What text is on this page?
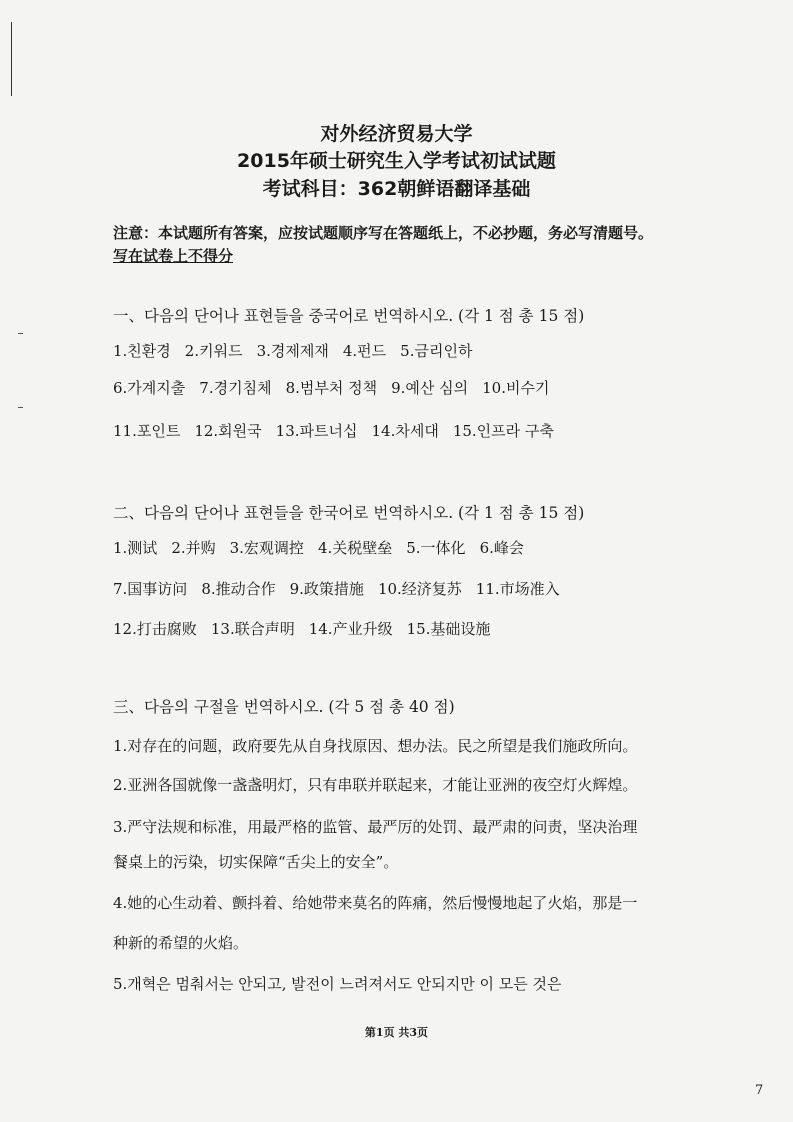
对外经济贸易大学
2015年硕士研究生入学考试初试试题
考试科目：362朝鲜语翻译基础
注意：本试题所有答案，应按试题顺序写在答题纸上，不必抄题，务必写清题号。
写在试卷上不得分
一、다음의 단어나 표현들을 중국어로 번역하시오. (각 1 점 총 15 점)
1.친환경 2.키워드 3.경제제재 4.펀드 5.금리인하
6.가계지출 7.경기침체 8.범부처 정책 9.예산 심의 10.비수기
11.포인트 12.회원국 13.파트너십 14.차세대 15.인프라 구축
二、다음의 단어나 표현들을 한국어로 번역하시오. (각 1 점 총 15 점)
1.测试 2.并购 3.宏观调控 4.关税壁垒 5.一体化 6.峰会
7.国事访问 8.推动合作 9.政策措施 10.经济复苏 11.市场准入
12.打击腐败 13.联合声明 14.产业升级 15.基础设施
三、다음의 구절을 번역하시오. (각 5 점 총 40 점)
1.对存在的问题，政府要先从自身找原因、想办法。民之所望是我们施政所向。
2.亚洲各国就像一盏盏明灯，只有串联并联起来，才能让亚洲的夜空灯火辉煌。
3.严守法规和标准，用最严格的监管、最严厉的处罚、最严肃的问责，坚决治理
餐桌上的污染，切实保障“舌尖上的安全”。
4.她的心生动着、颤抖着、给她带来莫名的阵痛，然后慢慢地起了火焰，那是一
种新的希望的火焰。
5.개혁은 멈춰서는 안되고, 발전이 느려져서도 안되지만 이 모든 것은
第1页 共3页
7
